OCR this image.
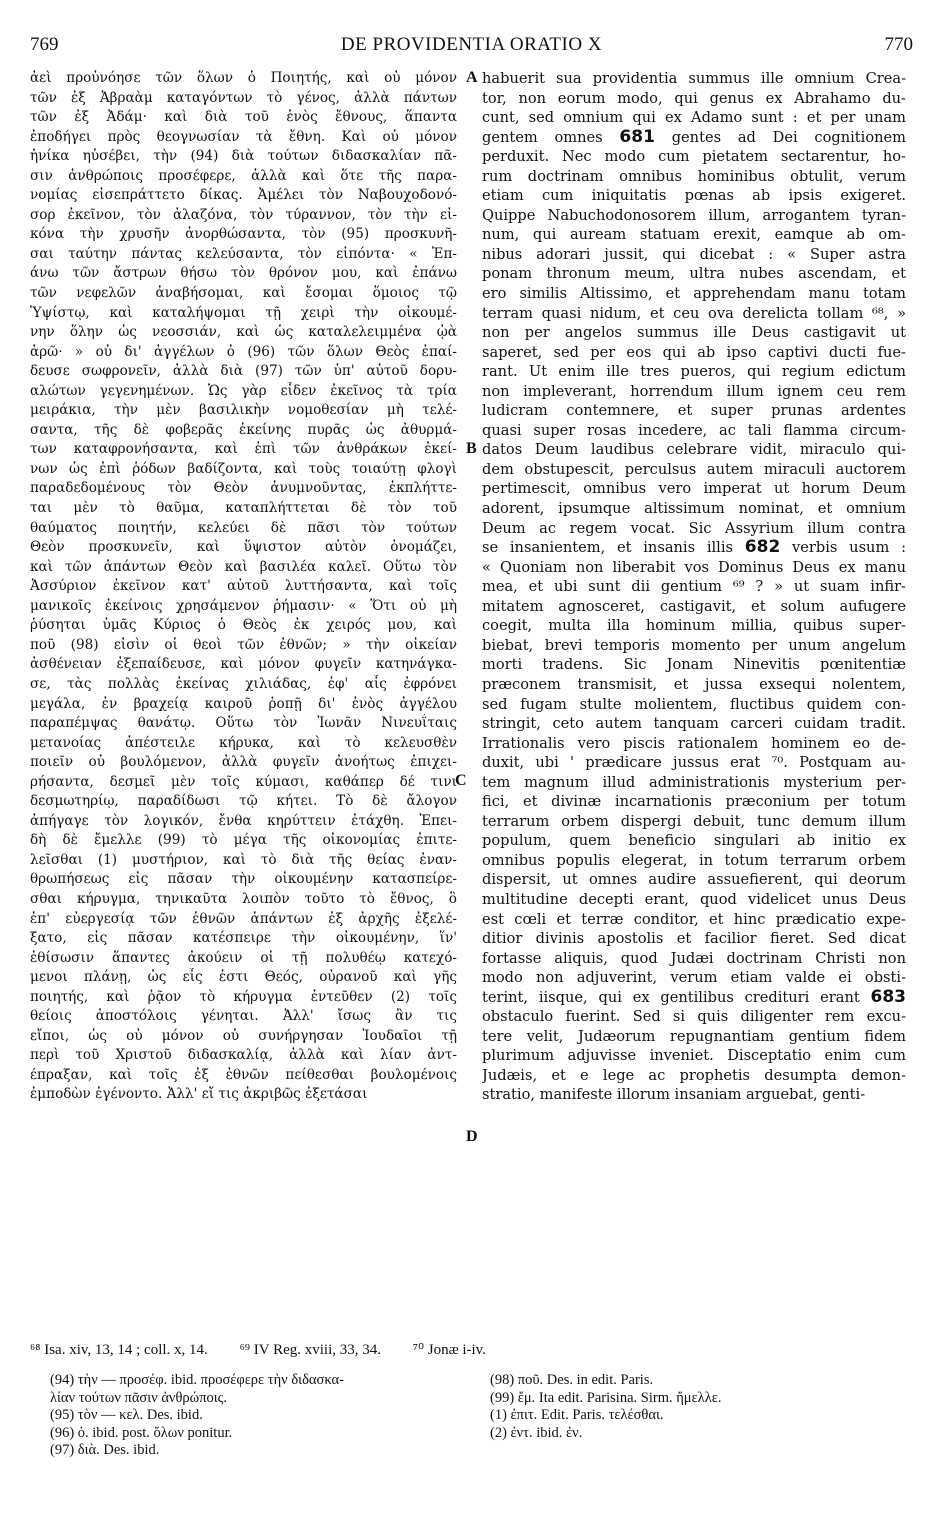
769	DE PROVIDENTIA ORATIO X	770
ἀεὶ προὐνόησε τῶν ὅλων ὁ Ποιητής, καὶ οὐ μόνον
τῶν ἐξ Ἀβραὰμ καταγόντων τὸ γένος, ἀλλὰ πάντων
τῶν ἐξ Ἀδάμ· καὶ διὰ τοῦ ἑνὸς ἔθνους, ἅπαντα
ἐποδήγει πρὸς θεογνωσίαν τὰ ἔθνη. Καὶ οὐ μόνον
ἡνίκα ηὐσέβει, τὴν (94) διὰ τούτων διδασκαλίαν πᾶ-
σιν ἀνθρώποις προσέφερε, ἀλλὰ καὶ ὅτε τῆς παρα-
νομίας εἰσεπράττετο δίκας. Ἀμέλει τὸν Ναβουχοδονό-
σορ ἐκεῖνον, τὸν ἀλαζόνα, τὸν τύραννον, τὸν τὴν εἰ-
κόνα τὴν χρυσῆν ἀνορθώσαντα, τὸν (95) προσκυνῆ-
σαι ταύτην πάντας κελεύσαντα, τὸν εἰπόντα· « Ἐπ-
άνω τῶν ἄστρων θήσω τὸν θρόνον μου, καὶ ἐπάνω
τῶν νεφελῶν ἀναβήσομαι, καὶ ἔσομαι ὅμοιος τῷ
Ὑψίστῳ, καὶ καταλήψομαι τῇ χειρὶ τὴν οἰκουμέ-
νην ὅλην ὡς νεοσσιάν, καὶ ὡς καταλελειμμένα ᾠὰ
ἀρῶ· » οὐ δι' ἀγγέλων ὁ (96) τῶν ὅλων Θεὸς ἐπαί-
δευσε σωφρονεῖν, ἀλλὰ διὰ (97) τῶν ὑπ' αὐτοῦ δορυ-
αλώτων γεγενημένων. Ὡς γὰρ εἶδεν ἐκεῖνος τὰ τρία
μειράκια, τὴν μὲν βασιλικὴν νομοθεσίαν μὴ τελέ-
σαντα, τῆς δὲ φοβερᾶς ἐκείνης πυρᾶς ὡς ἀθυρμά-
των καταφρονήσαντα, καὶ ἐπὶ τῶν ἀνθράκων ἐκεί-
νων ὡς ἐπὶ ῥόδων βαδίζοντα, καὶ τοὺς τοιαύτῃ φλογὶ
παραδεδομένους τὸν Θεὸν ἀνυμνοῦντας, ἐκπλήττε-
ται μὲν τὸ θαῦμα, καταπλήττεται δὲ τὸν τοῦ
θαύματος ποιητήν, κελεύει δὲ πᾶσι τὸν τούτων
Θεὸν προσκυνεῖν, καὶ ὕψιστον αὐτὸν ὀνομάζει,
καὶ τῶν ἁπάντων Θεὸν καὶ βασιλέα καλεῖ. Οὕτω τὸν
Ἀσσύριον ἐκεῖνον κατ' αὐτοῦ λυττήσαντα, καὶ τοῖς
μανικοῖς ἐκείνοις χρησάμενον ῥήμασιν· « Ὅτι οὐ μὴ
ῥύσηται ὑμᾶς Κύριος ὁ Θεὸς ἐκ χειρός μου, καὶ
ποῦ (98) εἰσὶν οἱ θεοὶ τῶν ἐθνῶν; » τὴν οἰκείαν
ἀσθένειαν ἐξεπαίδευσε, καὶ μόνον φυγεῖν κατηνάγκα-
σε, τὰς πολλὰς ἐκείνας χιλιάδας, ἐφ' αἷς ἐφρόνει
μεγάλα, ἐν βραχείᾳ καιροῦ ῥοπῇ δι' ἑνὸς ἀγγέλου
παραπέμψας θανάτῳ. Οὕτω τὸν Ἰωνᾶν Νινευΐταις
μετανοίας ἀπέστειλε κήρυκα, καὶ τὸ κελευσθὲν
ποιεῖν οὐ βουλόμενον, ἀλλὰ φυγεῖν ἀνοήτως ἐπιχει-
ρήσαντα, δεσμεῖ μὲν τοῖς κύμασι, καθάπερ δέ τινι
δεσμωτηρίῳ, παραδίδωσι τῷ κήτει. Τὸ δὲ ἄλογον
ἀπήγαγε τὸν λογικόν, ἔνθα κηρύττειν ἐτάχθη. Ἐπει-
δὴ δὲ ἔμελλε (99) τὸ μέγα τῆς οἰκονομίας ἐπιτε-
λεῖσθαι (1) μυστήριον, καὶ τὸ διὰ τῆς θείας ἐναν-
θρωπήσεως εἰς πᾶσαν τὴν οἰκουμένην κατασπείρε-
σθαι κήρυγμα, τηνικαῦτα λοιπὸν τοῦτο τὸ ἔθνος, ὃ
ἐπ' εὐεργεσίᾳ τῶν ἐθνῶν ἁπάντων ἐξ ἀρχῆς ἐξελέ-
ξατο, εἰς πᾶσαν κατέσπειρε τὴν οἰκουμένην, ἵν'
ἐθίσωσιν ἅπαντες ἀκούειν οἱ τῇ πολυθέῳ κατεχό-
μενοι πλάνῃ, ὡς εἷς ἐστι Θεός, οὐρανοῦ καὶ γῆς
ποιητής, καὶ ῥᾷον τὸ κήρυγμα ἐντεῦθεν (2) τοῖς
θείοις ἀποστόλοις γένηται. Ἀλλ' ἴσως ἂν τις
εἴποι, ὡς οὐ μόνον οὐ συνήργησαν Ἰουδαῖοι τῇ
περὶ τοῦ Χριστοῦ διδασκαλίᾳ, ἀλλὰ καὶ λίαν ἀντ-
έπραξαν, καὶ τοῖς ἐξ ἐθνῶν πείθεσθαι βουλομένοις
ἐμποδὼν ἐγένοντο. Ἀλλ' εἴ τις ἀκριβῶς ἐξετάσαι
habuerit sua providentia summus ille omnium Crea-
tor, non eorum modo, qui genus ex Abrahamo du-
cunt, sed omnium qui ex Adamo sunt : et per unam
gentem omnes 681 gentes ad Dei cognitionem
perduxit. Nec modo cum pietatem sectarentur, ho-
rum doctrinam omnibus hominibus obtulit, verum
etiam cum iniquitatis pœnas ab ipsis exigeret.
Quippe Nabuchodonosorem illum, arrogantem tyran-
num, qui auream statuam erexit, eamque ab om-
nibus adorari jussit, qui dicebat : « Super astra
ponam thronum meum, ultra nubes ascendam, et
ero similis Altissimo, et apprehendam manu totam
terram quasi nidum, et ceu ova derelicta tollam ⁶⁸, »
non per angelos summus ille Deus castigavit ut
saperet, sed per eos qui ab ipso captivi ducti fue-
rant. Ut enim ille tres pueros, qui regium edictum
non impleverant, horrendum illum ignem ceu rem
ludicram contemnere, et super prunas ardentes
quasi super rosas incedere, ac tali flamma circum-
datos Deum laudibus celebrare vidit, miraculo qui-
dem obstupescit, perculsus autem miraculi auctorem
pertimescit, omnibus vero imperat ut horum Deum
adorent, ipsumque altissimum nominat, et omnium
Deum ac regem vocat. Sic Assyrium illum contra
se insanientem, et insanis illis 682 verbis usum :
« Quoniam non liberabit vos Dominus Deus ex manu
mea, et ubi sunt dii gentium ⁶⁹ ? » ut suam infir-
mitatem agnosceret, castigavit, et solum aufugere
coegit, multa illa hominum millia, quibus super-
biebat, brevi temporis momento per unum angelum
morti tradens. Sic Jonam Ninevitis pœnitentiæ
præconem transmisit, et jussa exsequi nolentem,
sed fugam stulte molientem, fluctibus quidem con-
stringit, ceto autem tanquam carceri cuidam tradit.
Irrationalis vero piscis rationalem hominem eo de-
duxit, ubi ' prædicare jussus erat ⁷⁰. Postquam au-
tem magnum illud administrationis mysterium per-
fici, et divinæ incarnationis præconium per totum
terrarum orbem dispergi debuit, tunc demum illum
populum, quem beneficio singulari ab initio ex
omnibus populis elegerat, in totum terrarum orbem
dispersit, ut omnes audire assuefierent, qui deorum
multitudine decepti erant, quod videlicet unus Deus
est cœli et terræ conditor, et hinc prædicatio expe-
ditior divinis apostolis et facilior fieret. Sed dicat
fortasse aliquis, quod Judæi doctrinam Christi non
modo non adjuverint, verum etiam valde ei obsti-
terint, iisque, qui ex gentilibus credituri erant 683
obstaculo fuerint. Sed si quis diligenter rem excu-
tere velit, Judæorum repugnantiam gentium fidem
plurimum adjuvisse inveniet. Disceptatio enim cum
Judæis, et e lege ac prophetis desumpta demon-
stratio, manifeste illorum insaniam arguebat, genti-
A
B
C
D
⁶⁸ Isa. xiv, 13, 14 ; coll. x, 14. ⁶⁹ IV Reg. xviii, 33, 34. ⁷⁰ Jonæ i-iv.
(94) τὴν — προσέφ. ibid. προσέφερε τὴν διδασκα-
λίαν τούτων πᾶσιν ἀνθρώποις.
(95) τὸν — κελ. Des. ibid.
(96) ὁ. ibid. post. ὅλων ponitur.
(97) διὰ. Des. ibid.
(98) ποῦ. Des. in edit. Paris.
(99) ἔμ. Ita edit. Parisina. Sirm. ἤμελλε.
(1) ἐπιτ. Edit. Paris. τελέσθαι.
(2) ἐντ. ibid. ἐν.
